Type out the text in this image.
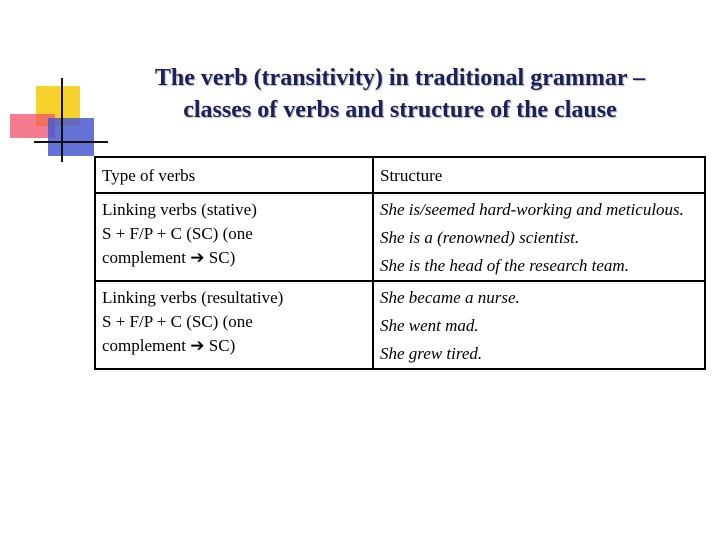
The verb (transitivity) in traditional grammar –
classes of verbs and structure of the clause
Type of verbs	Structure

Linking verbs (stative)
S + F/P + C (SC) (one
complement ➔ SC)	She is/seemed hard-working and meticulous.
She is a (renowned) scientist.
She is the head of the research team.

Linking verbs (resultative)
S + F/P + C (SC) (one
complement ➔ SC)	She became a nurse.
She went mad.
She grew tired.
